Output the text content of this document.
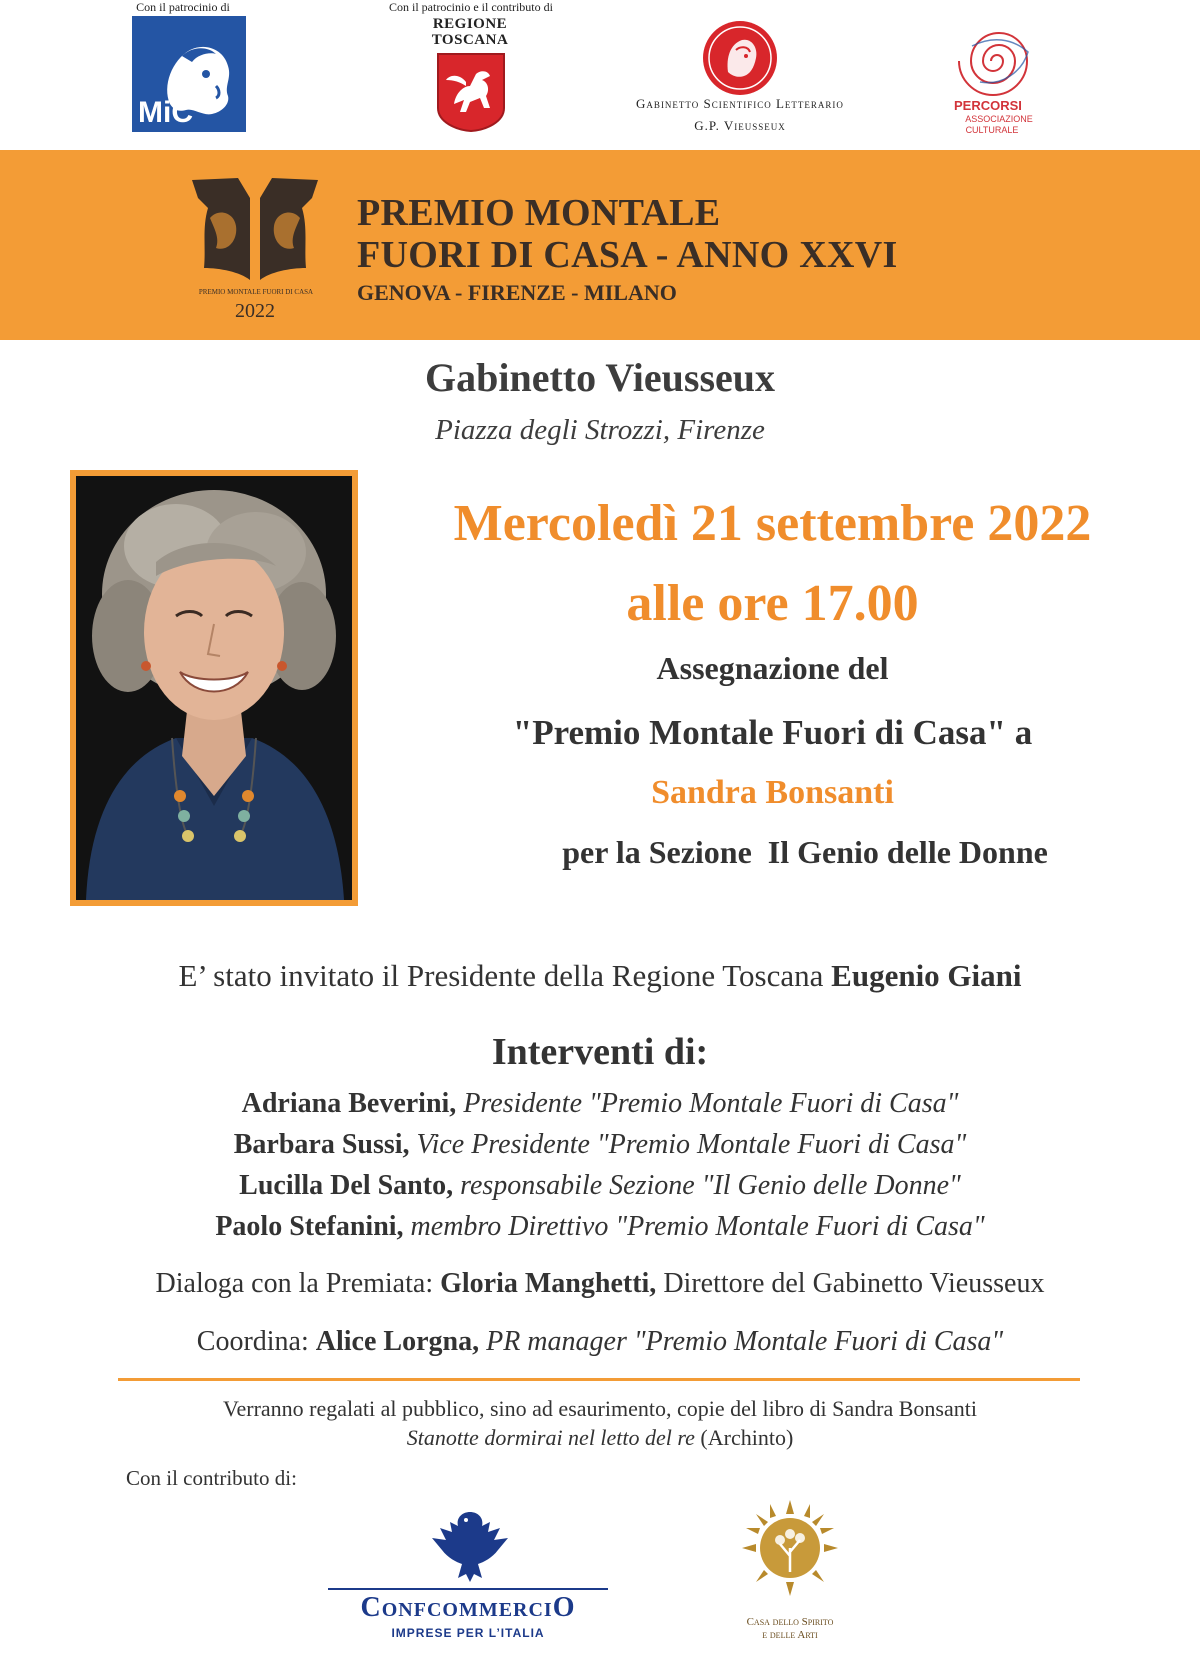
Con il patrocinio di
MiC
Con il patrocinio e il contributo di
REGIONE
TOSCANA
Gabinetto Scientifico Letterario
G.P. Vieusseux
PERCORSI
ASSOCIAZIONE
CULTURALE
PREMIO MONTALE FUORI DI CASA
2022
PREMIO MONTALE
FUORI DI CASA - ANNO XXVI
GENOVA - FIRENZE - MILANO
Gabinetto Vieusseux
Piazza degli Strozzi, Firenze
Mercoledì 21 settembre 2022
alle ore 17.00
Assegnazione del
"Premio Montale Fuori di Casa" a
Sandra Bonsanti
per la Sezione  Il Genio delle Donne
E’ stato invitato il Presidente della Regione Toscana Eugenio Giani
Interventi di:
Adriana Beverini, Presidente "Premio Montale Fuori di Casa"
Barbara Sussi, Vice Presidente "Premio Montale Fuori di Casa"
Lucilla Del Santo, responsabile Sezione "Il Genio delle Donne"
Paolo Stefanini, membro Direttivo "Premio Montale Fuori di Casa"
Dialoga con la Premiata: Gloria Manghetti, Direttore del Gabinetto Vieusseux
Coordina: Alice Lorgna, PR manager "Premio Montale Fuori di Casa"
Verranno regalati al pubblico, sino ad esaurimento, copie del libro di Sandra Bonsanti
Stanotte dormirai nel letto del re (Archinto)
Con il contributo di:
ConfcommerciO
IMPRESE PER L’ITALIA
Casa dello Spirito
e delle Arti
